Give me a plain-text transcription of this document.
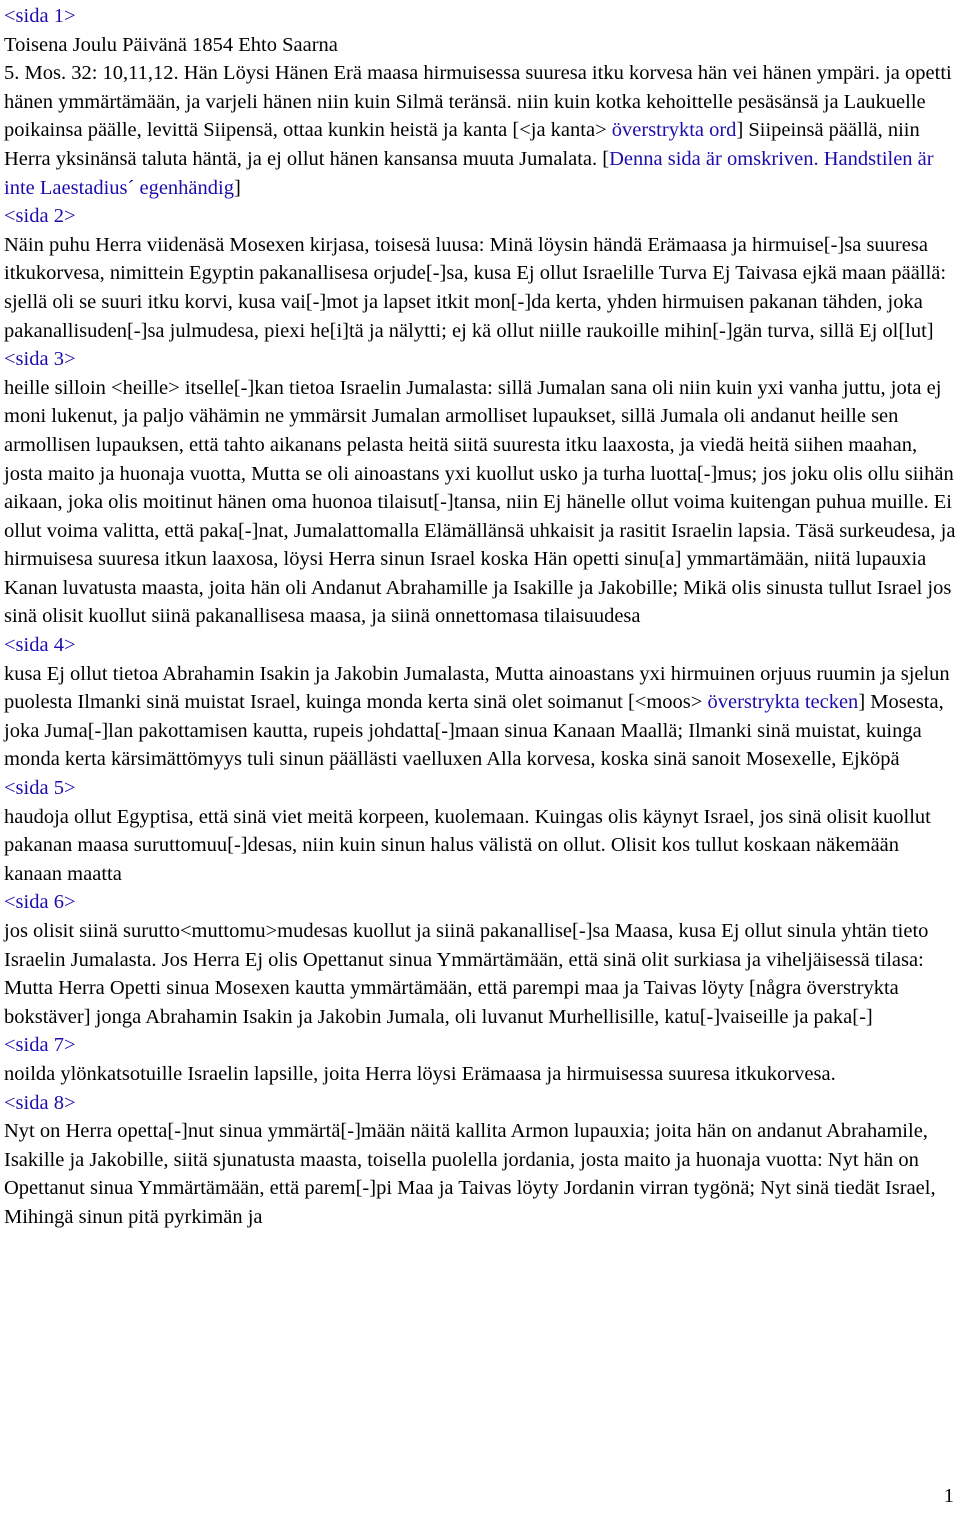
<sida 1>

Toisena Joulu Päivänä 1854 Ehto Saarna

5. Mos. 32: 10,11,12. Hän Löysi Hänen Erä maasa hirmuisessa suuresa itku korvesa hän vei hänen ympäri. ja opetti hänen ymmärtämään, ja varjeli hänen niin kuin Silmä teränsä. niin kuin kotka kehoittelle pesäsänsä ja Laukuelle poikainsa päälle, levittä Siipensä, ottaa kunkin heistä ja kanta [<ja kanta> överstrykta ord] Siipeinsä päällä, niin Herra yksinänsä taluta häntä, ja ej ollut hänen kansansa muuta Jumalata. [Denna sida är omskriven. Handstilen är inte Laestadius´ egenhändig]

<sida 2>

Näin puhu Herra viidenäsä Mosexen kirjasa, toisesä luusa: Minä löysin händä Erämaasa ja hirmuise[-]sa suuresa itkukorvesa, nimittein Egyptin pakanallisesa orjude[-]sa, kusa Ej ollut Israelille Turva Ej Taivasa ejkä maan päällä: sjellä oli se suuri itku korvi, kusa vai[-]mot ja lapset itkit mon[-]da kerta, yhden hirmuisen pakanan tähden, joka pakanallisuden[-]sa julmudesa, piexi he[i]tä ja nälytti; ej kä ollut niille raukoille mihin[-]gän turva, sillä Ej ol[lut]

<sida 3>

heille silloin <heille> itselle[-]kan tietoa Israelin Jumalasta: sillä Jumalan sana oli niin kuin yxi vanha juttu, jota ej moni lukenut, ja paljo vähämin ne ymmärsit Jumalan armolliset lupaukset, sillä Jumala oli andanut heille sen armollisen lupauksen, että tahto aikanans pelasta heitä siitä suuresta itku laaxosta, ja viedä heitä siihen maahan, josta maito ja huonaja vuotta, Mutta se oli ainoastans yxi kuollut usko ja turha luotta[-]mus; jos joku olis ollu siihän aikaan, joka olis moitinut hänen oma huonoa tilaisut[-]tansa, niin Ej hänelle ollut voima kuitengan puhua muille. Ei ollut voima valitta, että paka[-]nat, Jumalattomalla Elämällänsä uhkaisit ja rasitit Israelin lapsia. Täsä surkeudesa, ja hirmuisesa suuresa itkun laaxosa, löysi Herra sinun Israel koska Hän opetti sinu[a] ymmartämään, niitä lupauxia Kanan luvatusta maasta, joita hän oli Andanut Abrahamille ja Isakille ja Jakobille; Mikä olis sinusta tullut Israel jos sinä olisit kuollut siinä pakanallisesa maasa, ja siinä onnettomasa tilaisuudesa

<sida 4>

kusa Ej ollut tietoa Abrahamin Isakin ja Jakobin Jumalasta, Mutta ainoastans yxi hirmuinen orjuus ruumin ja sjelun puolesta Ilmanki sinä muistat Israel, kuinga monda kerta sinä olet soimanut [<moos> överstrykta tecken] Mosesta, joka Juma[-]lan pakottamisen kautta, rupeis johdatta[-]maan sinua Kanaan Maallä; Ilmanki sinä muistat, kuinga monda kerta kärsimättömyys tuli sinun päällästi vaelluxen Alla korvesa, koska sinä sanoit Mosexelle, Ejköpä

<sida 5>

haudoja ollut Egyptisa, että sinä viet meitä korpeen, kuolemaan. Kuingas olis käynyt Israel, jos sinä olisit kuollut pakanan maasa suruttomuu[-]desas, niin kuin sinun halus välistä on ollut. Olisit kos tullut koskaan näkemään kanaan maatta

<sida 6>

jos olisit siinä surutto<muttomu>mudesas kuollut ja siinä pakanallise[-]sa Maasa, kusa Ej ollut sinula yhtän tieto Israelin Jumalasta. Jos Herra Ej olis Opettanut sinua Ymmärtämään, että sinä olit surkiasa ja viheljäisessä tilasa: Mutta Herra Opetti sinua Mosexen kautta ymmärtämään, että parempi maa ja Taivas löyty [några överstrykta bokstäver] jonga Abrahamin Isakin ja Jakobin Jumala, oli luvanut Murhellisille, katu[-]vaiseille ja paka[-]

<sida 7>

noilda ylönkatsotuille Israelin lapsille, joita Herra löysi Erämaasa ja hirmuisessa suuresa itkukorvesa.

<sida 8>

Nyt on Herra opetta[-]nut sinua ymmärtä[-]mään näitä kallita Armon lupauxia; joita hän on andanut Abrahamile, Isakille ja Jakobille, siitä sjunatusta maasta, toisella puolella jordania, josta maito ja huonaja vuotta: Nyt hän on Opettanut sinua Ymmärtämään, että parem[-]pi Maa ja Taivas löyty Jordanin virran tygönä; Nyt sinä tiedät Israel, Mihingä sinun pitä pyrkimän ja

1
